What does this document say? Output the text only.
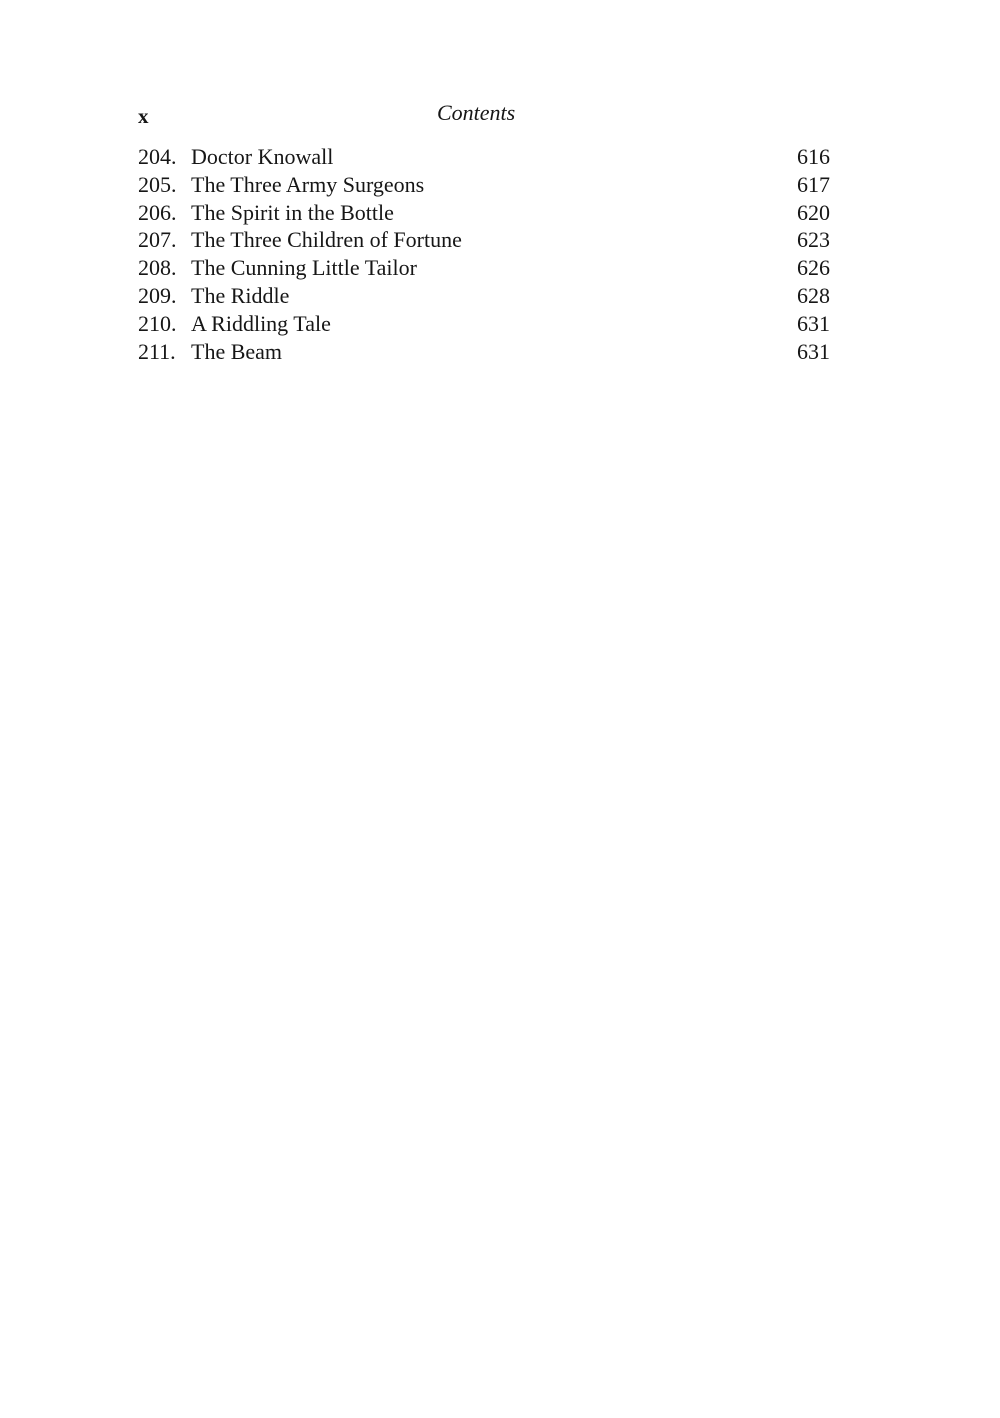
x	Contents
204. Doctor Knowall	616
205. The Three Army Surgeons	617
206. The Spirit in the Bottle	620
207. The Three Children of Fortune	623
208. The Cunning Little Tailor	626
209. The Riddle	628
210. A Riddling Tale	631
211. The Beam	631
